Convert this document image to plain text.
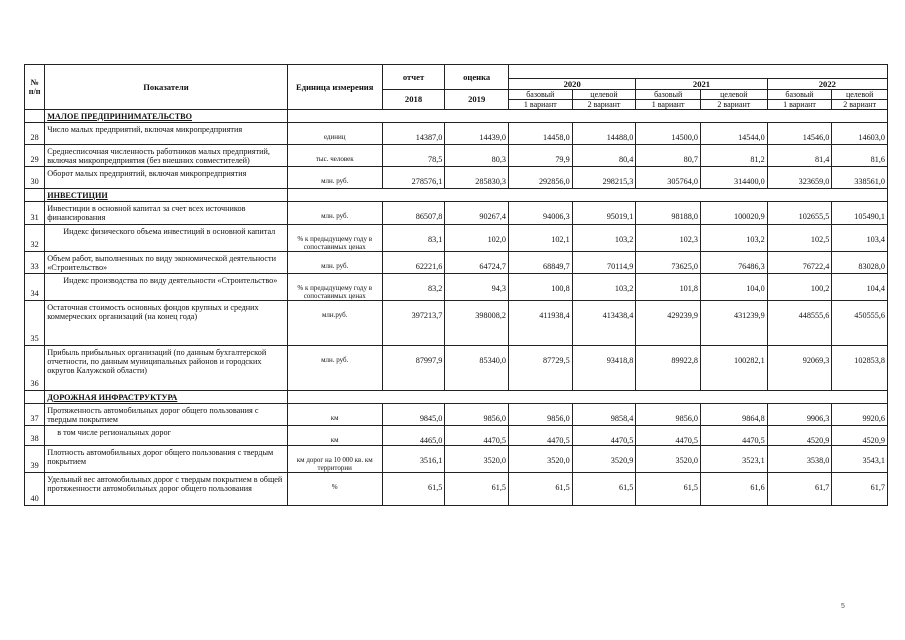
№ п/п	Показатели	Единица измерения	отчет	оценка						
					2020		2021		2022	
			2018	2019	базовый	целевой	базовый	целевой	базовый	целевой
					1 вариант	2 вариант	1 вариант	2 вариант	1 вариант	2 вариант
	МАЛОЕ ПРЕДПРИНИМАТЕЛЬСТВО									
28	Число малых предприятий, включая микропредприятия	единиц	14387,0	14439,0	14458,0	14488,0	14500,0	14544,0	14546,0	14603,0
29	Среднесписочная численность работников малых предприятий, включая микропредприятия (без внешних совместителей)	тыс. человек	78,5	80,3	79,9	80,4	80,7	81,2	81,4	81,6
30	Оборот малых предприятий, включая микропредприятия	млн. руб.	278576,1	285830,3	292856,0	298215,3	305764,0	314400,0	323659,0	338561,0
	ИНВЕСТИЦИИ									
31	Инвестиции в основной капитал за счет всех источников финансирования	млн. руб.	86507,8	90267,4	94006,3	95019,1	98188,0	100020,9	102655,5	105490,1
32	Индекс физического объема инвестиций в основной капитал	% к предыдущему году в сопоставимых ценах	83,1	102,0	102,1	103,2	102,3	103,2	102,5	103,4
33	Объем работ, выполненных по виду экономической деятельности «Строительство»	млн. руб.	62221,6	64724,7	68849,7	70114,9	73625,0	76486,3	76722,4	83028,0
34	Индекс производства по виду деятельности «Строительство»	% к предыдущему году в сопоставимых ценах	83,2	94,3	100,8	103,2	101,8	104,0	100,2	104,4
35	Остаточная стоимость основных фондов крупных и средних коммерческих организаций (на конец года)	млн.руб.	397213,7	398008,2	411938,4	413438,4	429239,9	431239,9	448555,6	450555,6
36	Прибыль прибыльных организаций (по данным бухгалтерской отчетности, по данным муниципальных районов и городских округов Калужской области)	млн. руб.	87997,9	85340,0	87729,5	93418,8	89922,8	100282,1	92069,3	102853,8
	ДОРОЖНАЯ ИНФРАСТРУКТУРА									
37	Протяженность автомобильных дорог общего пользования с твердым покрытием	км	9845,0	9856,0	9856,0	9858,4	9856,0	9864,8	9906,3	9920,6
38	в том числе региональных дорог	км	4465,0	4470,5	4470,5	4470,5	4470,5	4470,5	4520,9	4520,9
39	Плотность автомобильных дорог общего пользования с твердым покрытием	км дорог на 10 000 кв. км территории	3516,1	3520,0	3520,0	3520,9	3520,0	3523,1	3538,0	3543,1
40	Удельный вес автомобильных дорог с твердым покрытием в общей протяженности автомобильных дорог общего пользования	%	61,5	61,5	61,5	61,5	61,5	61,6	61,7	61,7
5
